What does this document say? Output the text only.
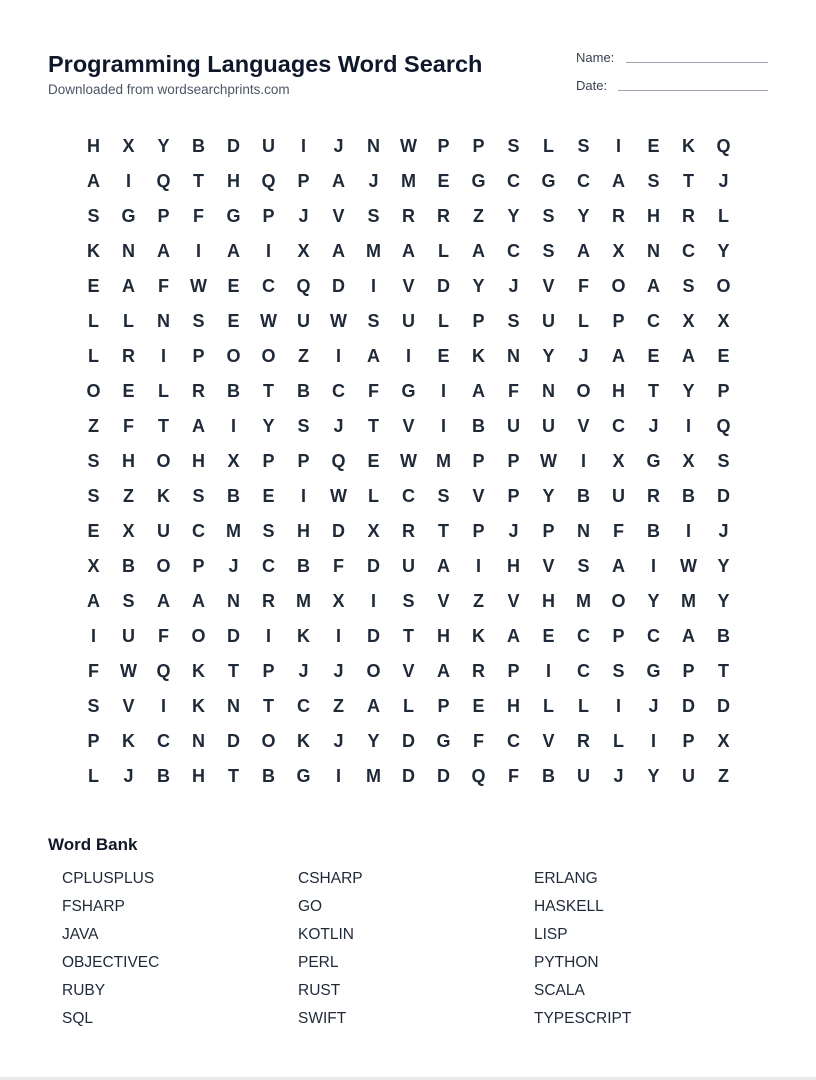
Programming Languages Word Search
Downloaded from wordsearchprints.com
Name:
Date:
H	X	Y	B	D	U	I	J	N	W	P	P	S	L	S	I	E	K	Q
A	I	Q	T	H	Q	P	A	J	M	E	G	C	G	C	A	S	T	J
S	G	P	F	G	P	J	V	S	R	R	Z	Y	S	Y	R	H	R	L
K	N	A	I	A	I	X	A	M	A	L	A	C	S	A	X	N	C	Y
E	A	F	W	E	C	Q	D	I	V	D	Y	J	V	F	O	A	S	O
L	L	N	S	E	W	U	W	S	U	L	P	S	U	L	P	C	X	X
L	R	I	P	O	O	Z	I	A	I	E	K	N	Y	J	A	E	A	E
O	E	L	R	B	T	B	C	F	G	I	A	F	N	O	H	T	Y	P
Z	F	T	A	I	Y	S	J	T	V	I	B	U	U	V	C	J	I	Q
S	H	O	H	X	P	P	Q	E	W	M	P	P	W	I	X	G	X	S
S	Z	K	S	B	E	I	W	L	C	S	V	P	Y	B	U	R	B	D
E	X	U	C	M	S	H	D	X	R	T	P	J	P	N	F	B	I	J
X	B	O	P	J	C	B	F	D	U	A	I	H	V	S	A	I	W	Y
A	S	A	A	N	R	M	X	I	S	V	Z	V	H	M	O	Y	M	Y
I	U	F	O	D	I	K	I	D	T	H	K	A	E	C	P	C	A	B
F	W	Q	K	T	P	J	J	O	V	A	R	P	I	C	S	G	P	T
S	V	I	K	N	T	C	Z	A	L	P	E	H	L	L	I	J	D	D
P	K	C	N	D	O	K	J	Y	D	G	F	C	V	R	L	I	P	X
L	J	B	H	T	B	G	I	M	D	D	Q	F	B	U	J	Y	U	Z
Word Bank
CPLUSPLUS	CSHARP	ERLANG
FSHARP	GO	HASKELL
JAVA	KOTLIN	LISP
OBJECTIVEC	PERL	PYTHON
RUBY	RUST	SCALA
SQL	SWIFT	TYPESCRIPT
